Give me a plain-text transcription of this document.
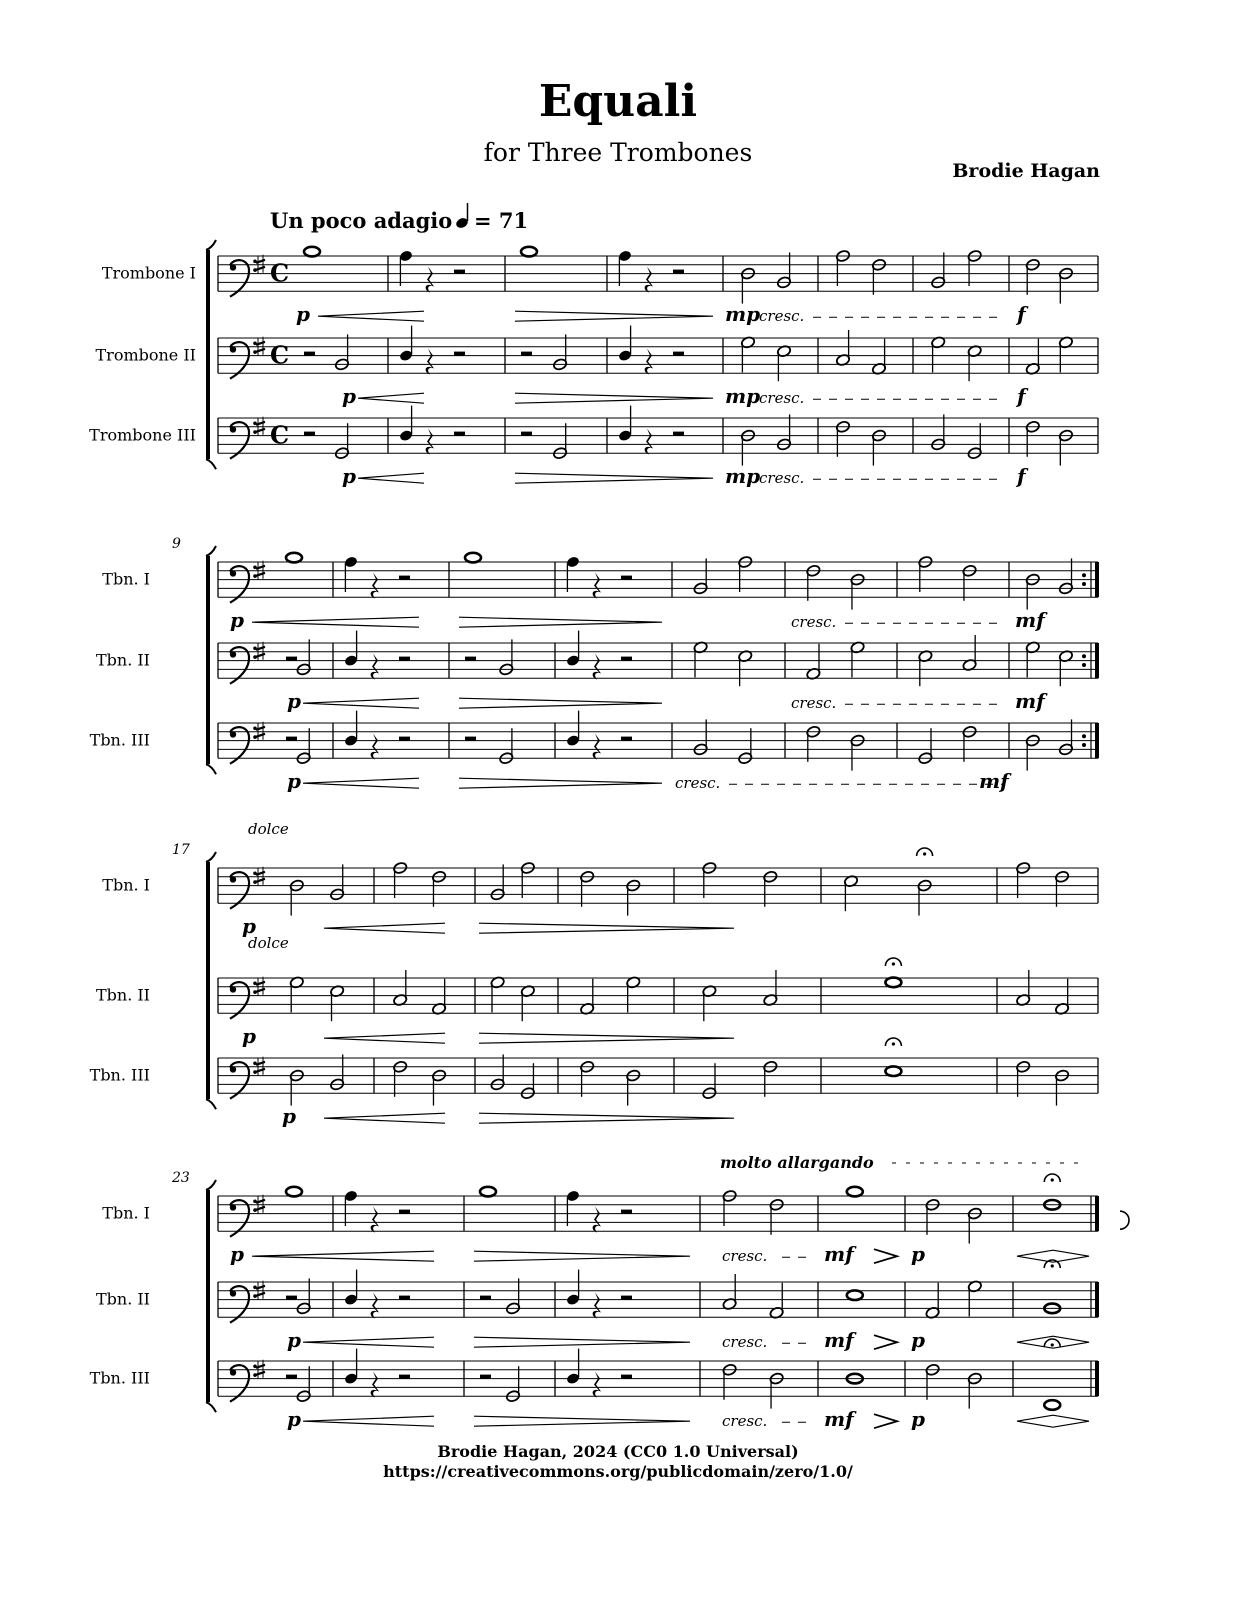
Equali
for Three Trombones
Brodie Hagan
Trombone I	C
p	mp
cresc.	f
Trombone II	C
p	mp
cresc.	f
Trombone III	C
p	mp
cresc.	f
9
Tbn. I
p	cresc.	mf
Tbn. II
p	cresc.	mf
Tbn. III
p	cresc.	mf
17
Tbn. I
p
dolce
Tbn. II
p
dolce
Tbn. III
p
23
Tbn. I
p	cresc.	mf	p
Tbn. II
p	cresc.	mf	p
Tbn. III
p	cresc.	mf	p
molto allargando
Un poco adagio = 71
Brodie Hagan, 2024 (CC0 1.0 Universal)
https://creativecommons.org/publicdomain/zero/1.0/
